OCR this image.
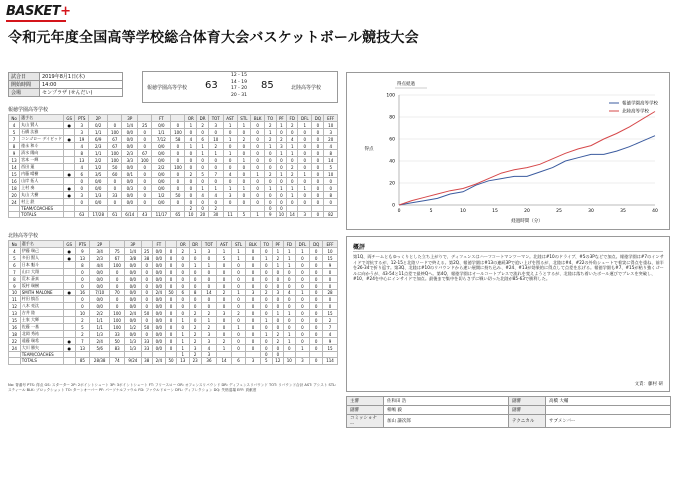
BASKET+
令和元年度全国高等学校総合体育大会バスケットボール競技大会
試合日	2019年8月1日(木)
開始時間	14:00
会場	センプラザ (せんだい)
報徳学園高等学校 63
12 - 15
14 - 19
17 - 20
20 - 31
85	北陸高等学校
報徳学園高等学校
No	選手名	GS	PTS	2P		3P		FT		OR	DR	TOT	AST	STL	BLK	TO	PF	FD	DFL	DQ	EFF
4	丸山 賢人	●	3	0/2	0	1/4	25	0/0	0	1	2	3	1	1	0	2	1	2	1	0	10
5	石橋 汰雅		3	1/1	100	0/0	0	1/1	100	0	0	0	0	0	0	1	0	0	0	0	3
7	コンゴロー デイビッド	●	19	6/9	67	0/0	0	7/12	58	4	6	10	1	2	0	2	2	4	0	0	20
8	徳永 和斗		4	2/3	67	0/0	0	0/0	0	1	1	2	0	0	0	1	3	1	0	0	4
9	清水 陽向		8	1/1	100	2/3	67	0/0	0	0	1	1	1	0	0	0	1	1	0	0	8
13	宮本 一輝		13	2/2	100	3/3	100	0/0	0	0	0	0	0	1	0	0	0	0	0	0	14
14	西田 蓮		4	1/2	50	0/0	0	2/2	100	0	0	0	0	0	0	0	0	2	0	0	5
15	内藤 晴樹	●	6	3/5	60	0/1	0	0/0	0	2	5	7	4	0	1	2	1	2	1	0	10
16	山岸 拓人		0	0/0	0	0/0	0	0/0	0	0	0	0	0	0	0	0	0	0	0	0	0
18	上村 奏	●	0	0/0	0	0/3	0	0/0	0	0	1	1	1	1	0	1	1	1	1	0	0
20	丸山 大樹	●	3	1/3	33	0/0	0	1/2	50	0	4	4	3	0	0	0	0	1	0	0	8
24	村上 鉄		0	0/0	0	0/0	0	0/0	0	0	0	0	0	0	0	0	0	0	0	0	0
	TEAM/COACHES									2	0	2				0	0				
	TOTALS		63	17/28	61	6/14	43	11/17	65	10	20	30	11	5	1	9	10	14	3	0	82
北陸高等学校
No	選手名	GS	PTS	2P		3P		FT		OR	DR	TOT	AST	STL	BLK	TO	PF	FD	DFL	DQ	EFF
4	伊藤 瑞己	●	9	3/4	75	1/4	25	0/0	0	2	1	3	1	1	0	0	1	1	1	0	10
5	多田 賢人	●	13	2/3	67	3/8	38	0/0	0	0	0	0	5	1	0	1	2	1	0	0	15
6	日本 魁斗		8	4/4	100	0/0	0	0/0	0	0	1	1	0	0	0	0	1	1	0	0	9
7	山口 大翔		0	0/0	0	0/0	0	0/0	0	0	0	0	0	0	0	0	0	0	0	0	0
8	荒木 蒼真		0	0/0	0	0/0	0	0/0	0	0	0	0	0	0	0	0	0	0	0	0	0
9	坂村 瑞樹		0	0/0	0	0/0	0	0/0	0	0	0	0	0	0	0	0	0	0	0	0	0
10	SMITH MALONE	●	16	7/10	70	0/0	0	2/4	50	6	8	14	2	1	3	2	3	4	1	0	28
11	村田 慎吾		0	0/0	0	0/0	0	0/0	0	0	0	0	0	0	0	0	0	0	0	0	0
12	八木 亮汰		0	0/0	0	0/0	0	0/0	0	0	0	0	0	0	0	0	0	0	0	0	0
13	吉井 陸		10	2/2	100	2/4	50	0/0	0	0	2	2	3	2	0	0	1	1	0	0	15
15	土家 大輝		2	1/1	100	0/0	0	0/0	0	1	0	1	0	0	0	1	0	0	0	0	2
16	佐藤 一基		5	1/1	100	1/2	50	0/0	0	0	2	2	0	1	0	0	0	0	0	0	7
18	北岡 秀祐		2	1/3	33	0/0	0	0/0	0	1	2	3	0	0	0	1	2	1	0	0	4
22	遠藤 瑞希	●	7	2/4	50	1/3	33	0/0	0	1	2	3	2	0	0	0	2	1	0	0	9
24	大川 勝矢	●	13	5/6	83	1/3	33	0/0	0	1	3	4	1	0	0	0	0	0	1	0	15
	TEAM/COACHES									1	2	3				0	0				
	TOTALS		85	28/38	74	9/24	38	2/4	50	13	23	36	14	6	3	5	12	10	3	0	114
No: 背番号 PTS: 得点 GS: スターター 2P: 2ポイントシュート 3P: 3ポイントシュート FT: フリースロー OR: オフェンスリバウンド DR: ディフェンスリバウンド TOT: リバウンド合計 AST: アシスト STL: スティール BLK: ブロックショット TO: ターンオーバー PF: パーソナルファウル FD: ファウルドローン DFL: ディフレクション DQ: 失格退場 EFF: 貢献度
得点経過
0
20
40
60
80
100
0	5	10	15	20	25	30	35	40
経過時間（分）
得点
報徳学園高等学校
北陸高等学校
概評
第1Q、両チームともゆっくりとした立ち上がりで、ディフェンスはハーフコートマンツーマン。北陸は#10のドライブ、#5の3Pなどで加点。報徳学園は#7のインサイドで対抗するが、12-15と北陸リードで終える。第2Q、報徳学園は#13の連続3Pで追い上げを図るが、北陸は#4、#22の外角シュートで着実に得点を重ね、前半を26-34で折り返す。第3Q、北陸は#10のリバウンドから速い展開に持ち込み、#24、#13が効果的に得点して点差を広げる。報徳学園も#7、#15が粘り強くゴールに向かうが、43-54と11点差で最終Qへ。第4Q、報徳学園はオールコートプレスで流れを変えようとするが、北陸は落ち着いたボール運びでプレスを突破し、#10、#24を中心にインサイドで加点。最後まで集中を切らさずに戦い切った北陸が85-63で勝利した。
文責：藤村 研
主審	佐和田 浩	副審	高橋 大輔
副審	相嶋 毅	副審	
コミッショナー	加山 謙次郎	テクニカル	サブメンバー
